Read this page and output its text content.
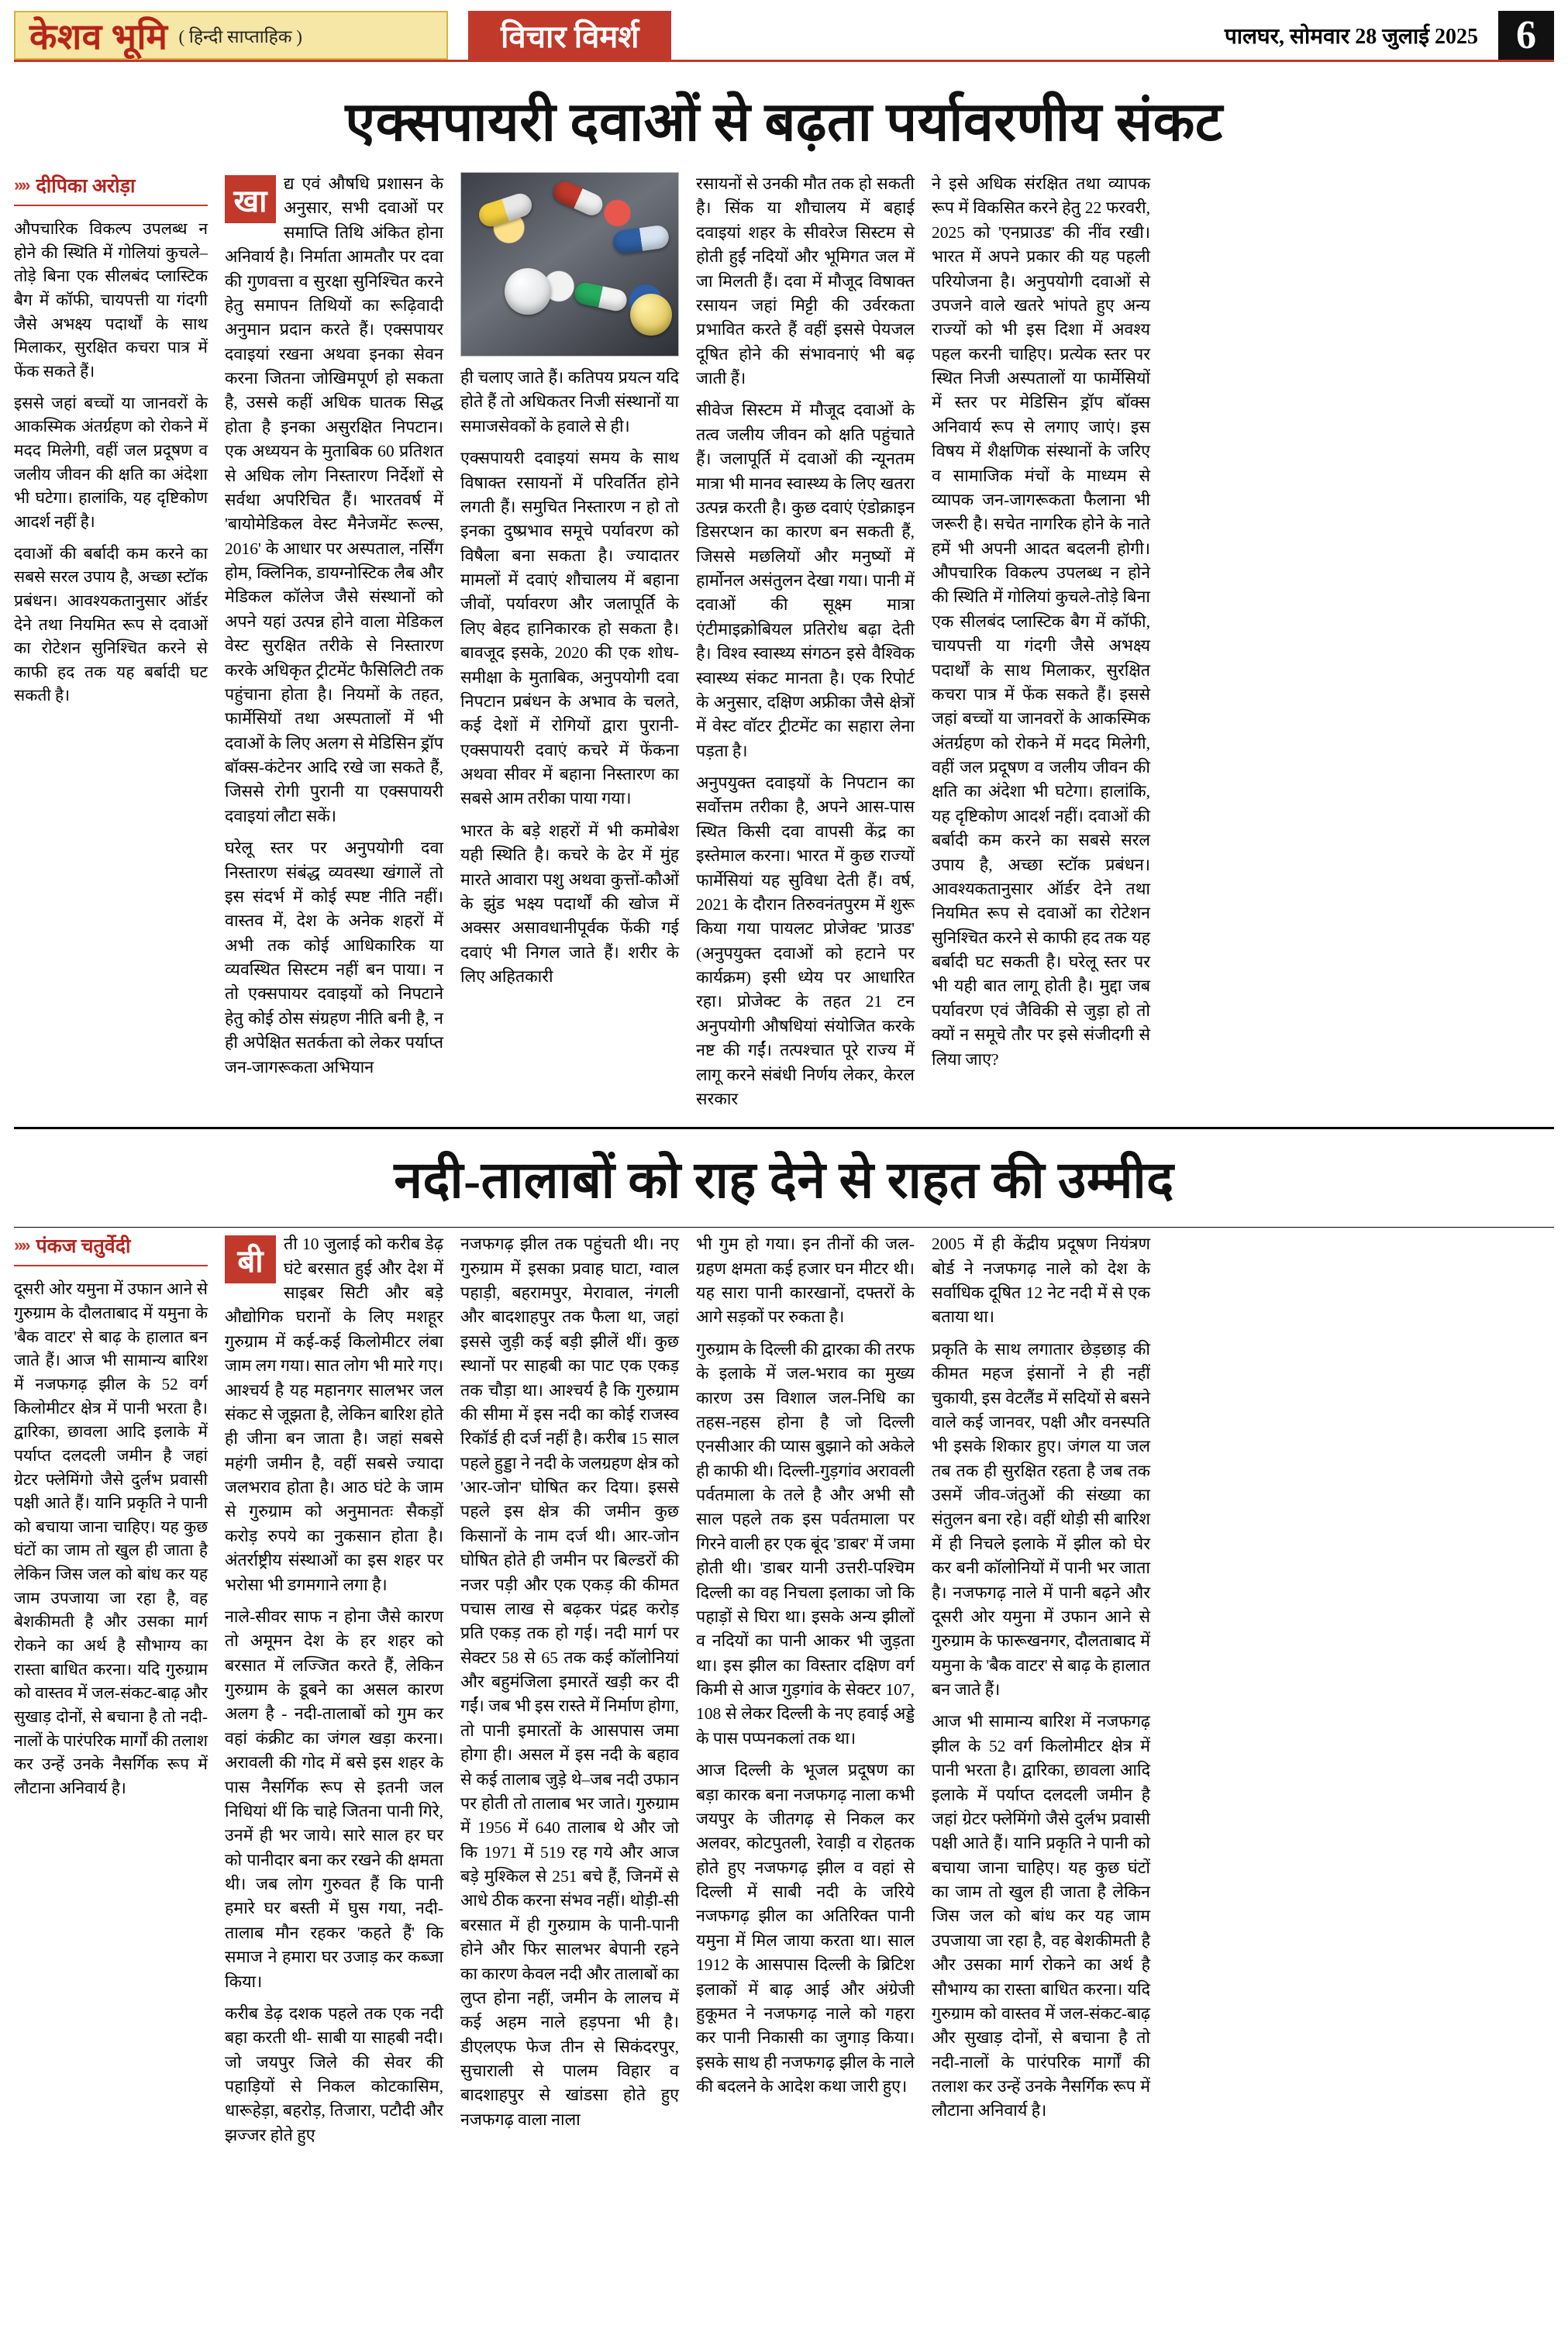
केशव भूमि ( हिन्दी साप्ताहिक )	विचार विमर्श	पालघर, सोमवार 28 जुलाई 2025 6
एक्सपायरी दवाओं से बढ़ता पर्यावरणीय संकट
»» दीपिका अरोड़ा

औपचारिक विकल्प उपलब्ध न होने की स्थिति में गोलियां कुचले–तोड़े बिना एक सीलबंद प्लास्टिक बैग में कॉफी, चायपत्ती या गंदगी जैसे अभक्ष्य पदार्थों के साथ मिलाकर, सुरक्षित कचरा पात्र में फेंक सकते हैं।

इससे जहां बच्चों या जानवरों के आकस्मिक अंतर्ग्रहण को रोकने में मदद मिलेगी, वहीं जल प्रदूषण व जलीय जीवन की क्षति का अंदेशा भी घटेगा। हालांकि, यह दृष्टिकोण आदर्श नहीं है।

दवाओं की बर्बादी कम करने का सबसे सरल उपाय है, अच्छा स्टॉक प्रबंधन। आवश्यकतानुसार ऑर्डर देने तथा नियमित रूप से दवाओं का रोटेशन सुनिश्चित करने से काफी हद तक यह बर्बादी घट सकती है।

खा द्य एवं औषधि प्रशासन के अनुसार, सभी दवाओं पर समाप्ति तिथि अंकित होना अनिवार्य है। निर्माता आमतौर पर दवा की गुणवत्ता व सुरक्षा सुनिश्चित करने हेतु समापन तिथियों का रूढ़िवादी अनुमान प्रदान करते हैं। एक्सपायर दवाइयां रखना अथवा इनका सेवन करना जितना जोखिमपूर्ण हो सकता है, उससे कहीं अधिक घातक सिद्ध होता है इनका असुरक्षित निपटान। एक अध्ययन के मुताबिक 60 प्रतिशत से अधिक लोग निस्तारण निर्देशों से सर्वथा अपरिचित हैं। भारतवर्ष में 'बायोमेडिकल वेस्ट मैनेजमेंट रूल्स, 2016' के आधार पर अस्पताल, नर्सिंग होम, क्लिनिक, डायग्नोस्टिक लैब और मेडिकल कॉलेज जैसे संस्थानों को अपने यहां उत्पन्न होने वाला मेडिकल वेस्ट सुरक्षित तरीके से निस्तारण करके अधिकृत ट्रीटमेंट फैसिलिटी तक पहुंचाना होता है। नियमों के तहत, फार्मेसियों तथा अस्पतालों में भी दवाओं के लिए अलग से मेडिसिन ड्रॉप बॉक्स-कंटेनर आदि रखे जा सकते हैं, जिससे रोगी पुरानी या एक्सपायरी दवाइयां लौटा सकें।

घरेलू स्तर पर अनुपयोगी दवा निस्तारण संबंद्ध व्यवस्था खंगालें तो इस संदर्भ में कोई स्पष्ट नीति नहीं। वास्तव में, देश के अनेक शहरों में अभी तक कोई आधिकारिक या व्यवस्थित सिस्टम नहीं बन पाया। न तो एक्सपायर दवाइयों को निपटाने हेतु कोई ठोस संग्रहण नीति बनी है, न ही अपेक्षित सतर्कता को लेकर पर्याप्त जन-जागरूकता अभियान

ही चलाए जाते हैं। कतिपय प्रयत्न यदि होते हैं तो अधिकतर निजी संस्थानों या समाजसेवकों के हवाले से ही।

एक्सपायरी दवाइयां समय के साथ विषाक्त रसायनों में परिवर्तित होने लगती हैं। समुचित निस्तारण न हो तो इनका दुष्प्रभाव समूचे पर्यावरण को विषैला बना सकता है। ज्यादातर मामलों में दवाएं शौचालय में बहाना जीवों, पर्यावरण और जलापूर्ति के लिए बेहद हानिकारक हो सकता है। बावजूद इसके, 2020 की एक शोध-समीक्षा के मुताबिक, अनुपयोगी दवा निपटान प्रबंधन के अभाव के चलते, कई देशों में रोगियों द्वारा पुरानी-एक्सपायरी दवाएं कचरे में फेंकना अथवा सीवर में बहाना निस्तारण का सबसे आम तरीका पाया गया।

भारत के बड़े शहरों में भी कमोबेश यही स्थिति है। कचरे के ढेर में मुंह मारते आवारा पशु अथवा कुत्तों-कौओं के झुंड भक्ष्य पदार्थों की खोज में अक्सर असावधानीपूर्वक फेंकी गई दवाएं भी निगल जाते हैं। शरीर के लिए अहितकारी

रसायनों से उनकी मौत तक हो सकती है। सिंक या शौचालय में बहाई दवाइयां शहर के सीवरेज सिस्टम से होती हुईं नदियों और भूमिगत जल में जा मिलती हैं। दवा में मौजूद विषाक्त रसायन जहां मिट्टी की उर्वरकता प्रभावित करते हैं वहीं इससे पेयजल दूषित होने की संभावनाएं भी बढ़ जाती हैं।

सीवेज सिस्टम में मौजूद दवाओं के तत्व जलीय जीवन को क्षति पहुंचाते हैं। जलापूर्ति में दवाओं की न्यूनतम मात्रा भी मानव स्वास्थ्य के लिए खतरा उत्पन्न करती है। कुछ दवाएं एंडोक्राइन डिसरप्शन का कारण बन सकती हैं, जिससे मछलियों और मनुष्यों में हार्मोनल असंतुलन देखा गया। पानी में दवाओं की सूक्ष्म मात्रा एंटीमाइक्रोबियल प्रतिरोध बढ़ा देती है। विश्व स्वास्थ्य संगठन इसे वैश्विक स्वास्थ्य संकट मानता है। एक रिपोर्ट के अनुसार, दक्षिण अफ्रीका जैसे क्षेत्रों में वेस्ट वॉटर ट्रीटमेंट का सहारा लेना पड़ता है।

अनुपयुक्त दवाइयों के निपटान का सर्वोत्तम तरीका है, अपने आस-पास स्थित किसी दवा वापसी केंद्र का इस्तेमाल करना। भारत में कुछ राज्यों फार्मेसियां यह सुविधा देती हैं। वर्ष, 2021 के दौरान तिरुवनंतपुरम में शुरू किया गया पायलट प्रोजेक्ट 'प्राउड' (अनुपयुक्त दवाओं को हटाने पर कार्यक्रम) इसी ध्येय पर आधारित रहा। प्रोजेक्ट के तहत 21 टन अनुपयोगी औषधियां संयोजित करके नष्ट की गईं। तत्पश्चात पूरे राज्य में लागू करने संबंधी निर्णय लेकर, केरल सरकार

ने इसे अधिक संरक्षित तथा व्यापक रूप में विकसित करने हेतु 22 फरवरी, 2025 को 'एनप्राउड' की नींव रखी। भारत में अपने प्रकार की यह पहली परियोजना है। अनुपयोगी दवाओं से उपजने वाले खतरे भांपते हुए अन्य राज्यों को भी इस दिशा में अवश्य पहल करनी चाहिए। प्रत्येक स्तर पर स्थित निजी अस्पतालों या फार्मेसियों में स्तर पर मेडिसिन ड्रॉप बॉक्स अनिवार्य रूप से लगाए जाएं। इस विषय में शैक्षणिक संस्थानों के जरिए व सामाजिक मंचों के माध्यम से व्यापक जन-जागरूकता फैलाना भी जरूरी है। सचेत नागरिक होने के नाते हमें भी अपनी आदत बदलनी होगी। औपचारिक विकल्प उपलब्ध न होने की स्थिति में गोलियां कुचले-तोड़े बिना एक सीलबंद प्लास्टिक बैग में कॉफी, चायपत्ती या गंदगी जैसे अभक्ष्य पदार्थों के साथ मिलाकर, सुरक्षित कचरा पात्र में फेंक सकते हैं। इससे जहां बच्चों या जानवरों के आकस्मिक अंतर्ग्रहण को रोकने में मदद मिलेगी, वहीं जल प्रदूषण व जलीय जीवन की क्षति का अंदेशा भी घटेगा। हालांकि, यह दृष्टिकोण आदर्श नहीं। दवाओं की बर्बादी कम करने का सबसे सरल उपाय है, अच्छा स्टॉक प्रबंधन। आवश्यकतानुसार ऑर्डर देने तथा नियमित रूप से दवाओं का रोटेशन सुनिश्चित करने से काफी हद तक यह बर्बादी घट सकती है। घरेलू स्तर पर भी यही बात लागू होती है। मुद्दा जब पर्यावरण एवं जैविकी से जुड़ा हो तो क्यों न समूचे तौर पर इसे संजीदगी से लिया जाए?

नदी-तालाबों को राह देने से राहत की उम्मीद
»» पंकज चतुर्वेदी

दूसरी ओर यमुना में उफान आने से गुरुग्राम के दौलताबाद में यमुना के 'बैक वाटर' से बाढ़ के हालात बन जाते हैं। आज भी सामान्य बारिश में नजफगढ़ झील के 52 वर्ग किलोमीटर क्षेत्र में पानी भरता है। द्वारिका, छावला आदि इलाके में पर्याप्त दलदली जमीन है जहां ग्रेटर फ्लेमिंगो जैसे दुर्लभ प्रवासी पक्षी आते हैं। यानि प्रकृति ने पानी को बचाया जाना चाहिए। यह कुछ घंटों का जाम तो खुल ही जाता है लेकिन जिस जल को बांध कर यह जाम उपजाया जा रहा है, वह बेशकीमती है और उसका मार्ग रोकने का अर्थ है सौभाग्य का रास्ता बाधित करना। यदि गुरुग्राम को वास्तव में जल-संकट-बाढ़ और सुखाड़ दोनों, से बचाना है तो नदी-नालों के पारंपरिक मार्गों की तलाश कर उन्हें उनके नैसर्गिक रूप में लौटाना अनिवार्य है।

बी	ती 10 जुलाई को करीब डेढ़ घंटे बरसात हुई और देश में साइबर सिटी और बड़े औद्योगिक घरानों के लिए मशहूर गुरुग्राम में कई-कई किलोमीटर लंबा जाम लग गया। सात लोग भी मारे गए। आश्चर्य है यह महानगर सालभर जल संकट से जूझता है, लेकिन बारिश होते ही जीना बन जाता है। जहां सबसे महंगी जमीन है, वहीं सबसे ज्यादा जलभराव होता है। आठ घंटे के जाम से गुरुग्राम को अनुमानतः सैकड़ों करोड़ रुपये का नुकसान होता है। अंतर्राष्ट्रीय संस्थाओं का इस शहर पर भरोसा भी डगमगाने लगा है।

नाले-सीवर साफ न होना जैसे कारण तो अमूमन देश के हर शहर को बरसात में लज्जित करते हैं, लेकिन गुरुग्राम के डूबने का असल कारण अलग है - नदी-तालाबों को गुम कर वहां कंक्रीट का जंगल खड़ा करना। अरावली की गोद में बसे इस शहर के पास नैसर्गिक रूप से इतनी जल निधियां थीं कि चाहे जितना पानी गिरे, उनमें ही भर जाये। सारे साल हर घर को पानीदार बना कर रखने की क्षमता थी। जब लोग गुरुवत हैं कि पानी हमारे घर बस्ती में घुस गया, नदी-तालाब मौन रहकर 'कहते हैं' कि समाज ने हमारा घर उजाड़ कर कब्जा किया।

करीब डेढ़ दशक पहले तक एक नदी बहा करती थी- साबी या साहबी नदी। जो जयपुर जिले की सेवर की पहाड़ियों से निकल कोटकासिम, धारूहेड़ा, बहरोड़, तिजारा, पटौदी और झज्जर होते हुए

नजफगढ़ झील तक पहुंचती थी। नए गुरुग्राम में इसका प्रवाह घाटा, ग्वाल पहाड़ी, बहरामपुर, मेरावाल, नंगली और बादशाहपुर तक फैला था, जहां इससे जुड़ी कई बड़ी झीलें थीं। कुछ स्थानों पर साहबी का पाट एक एकड़ तक चौड़ा था। आश्चर्य है कि गुरुग्राम की सीमा में इस नदी का कोई राजस्व रिकॉर्ड ही दर्ज नहीं है। करीब 15 साल पहले हुड्डा ने नदी के जलग्रहण क्षेत्र को 'आर-जोन' घोषित कर दिया। इससे पहले इस क्षेत्र की जमीन कुछ किसानों के नाम दर्ज थी। आर-जोन घोषित होते ही जमीन पर बिल्डरों की नजर पड़ी और एक एकड़ की कीमत पचास लाख से बढ़कर पंद्रह करोड़ प्रति एकड़ तक हो गई। नदी मार्ग पर सेक्टर 58 से 65 तक कई कॉलोनियां और बहुमंजिला इमारतें खड़ी कर दी गईं। जब भी इस रास्ते में निर्माण होगा, तो पानी इमारतों के आसपास जमा होगा ही। असल में इस नदी के बहाव से कई तालाब जुड़े थे–जब नदी उफान पर होती तो तालाब भर जाते। गुरुग्राम में 1956 में 640 तालाब थे और जो कि 1971 में 519 रह गये और आज बड़े मुश्किल से 251 बचे हैं, जिनमें से आधे ठीक करना संभव नहीं। थोड़ी-सी बरसात में ही गुरुग्राम के पानी-पानी होने और फिर सालभर बेपानी रहने का कारण केवल नदी और तालाबों का लुप्त होना नहीं, जमीन के लालच में कई अहम नाले हड़पना भी है। डीएलएफ फेज तीन से सिकंदरपुर, सुचाराली से पालम विहार व बादशाहपुर से खांडसा होते हुए नजफगढ़ वाला नाला

भी गुम हो गया। इन तीनों की जल-ग्रहण क्षमता कई हजार घन मीटर थी। यह सारा पानी कारखानों, दफ्तरों के आगे सड़कों पर रुकता है।

गुरुग्राम के दिल्ली की द्वारका की तरफ के इलाके में जल-भराव का मुख्य कारण उस विशाल जल-निधि का तहस-नहस होना है जो दिल्ली एनसीआर की प्यास बुझाने को अकेले ही काफी थी। दिल्ली-गुड़गांव अरावली पर्वतमाला के तले है और अभी सौ साल पहले तक इस पर्वतमाला पर गिरने वाली हर एक बूंद 'डाबर' में जमा होती थी। 'डाबर यानी उत्तरी-पश्चिम दिल्ली का वह निचला इलाका जो कि पहाड़ों से घिरा था। इसके अन्य झीलों व नदियों का पानी आकर भी जुड़ता था। इस झील का विस्तार दक्षिण वर्ग किमी से आज गुड़गांव के सेक्टर 107, 108 से लेकर दिल्ली के नए हवाई अड्डे के पास पप्पनकलां तक था।

आज दिल्ली के भूजल प्रदूषण का बड़ा कारक बना नजफगढ़ नाला कभी जयपुर के जीतगढ़ से निकल कर अलवर, कोटपुतली, रेवाड़ी व रोहतक होते हुए नजफगढ़ झील व वहां से दिल्ली में साबी नदी के जरिये नजफगढ़ झील का अतिरिक्त पानी यमुना में मिल जाया करता था। साल 1912 के आसपास दिल्ली के ब्रिटिश इलाकों में बाढ़ आई और अंग्रेजी हुकूमत ने नजफगढ़ नाले को गहरा कर पानी निकासी का जुगाड़ किया। इसके साथ ही नजफगढ़ झील के नाले की बदलने के आदेश कथा जारी हुए।

2005 में ही केंद्रीय प्रदूषण नियंत्रण बोर्ड ने नजफगढ़ नाले को देश के सर्वाधिक दूषित 12 नेट नदी में से एक बताया था।

प्रकृति के साथ लगातार छेड़छाड़ की कीमत महज इंसानों ने ही नहीं चुकायी, इस वेटलैंड में सदियों से बसने वाले कई जानवर, पक्षी और वनस्पति भी इसके शिकार हुए। जंगल या जल तब तक ही सुरक्षित रहता है जब तक उसमें जीव-जंतुओं की संख्या का संतुलन बना रहे। वहीं थोड़ी सी बारिश में ही निचले इलाके में झील को घेर कर बनी कॉलोनियों में पानी भर जाता है। नजफगढ़ नाले में पानी बढ़ने और दूसरी ओर यमुना में उफान आने से गुरुग्राम के फारूखनगर, दौलताबाद में यमुना के 'बैक वाटर' से बाढ़ के हालात बन जाते हैं।

आज भी सामान्य बारिश में नजफगढ़ झील के 52 वर्ग किलोमीटर क्षेत्र में पानी भरता है। द्वारिका, छावला आदि इलाके में पर्याप्त दलदली जमीन है जहां ग्रेटर फ्लेमिंगो जैसे दुर्लभ प्रवासी पक्षी आते हैं। यानि प्रकृति ने पानी को बचाया जाना चाहिए। यह कुछ घंटों का जाम तो खुल ही जाता है लेकिन जिस जल को बांध कर यह जाम उपजाया जा रहा है, वह बेशकीमती है और उसका मार्ग रोकने का अर्थ है सौभाग्य का रास्ता बाधित करना। यदि गुरुग्राम को वास्तव में जल-संकट-बाढ़ और सुखाड़ दोनों, से बचाना है तो नदी-नालों के पारंपरिक मार्गों की तलाश कर उन्हें उनके नैसर्गिक रूप में लौटाना अनिवार्य है।
